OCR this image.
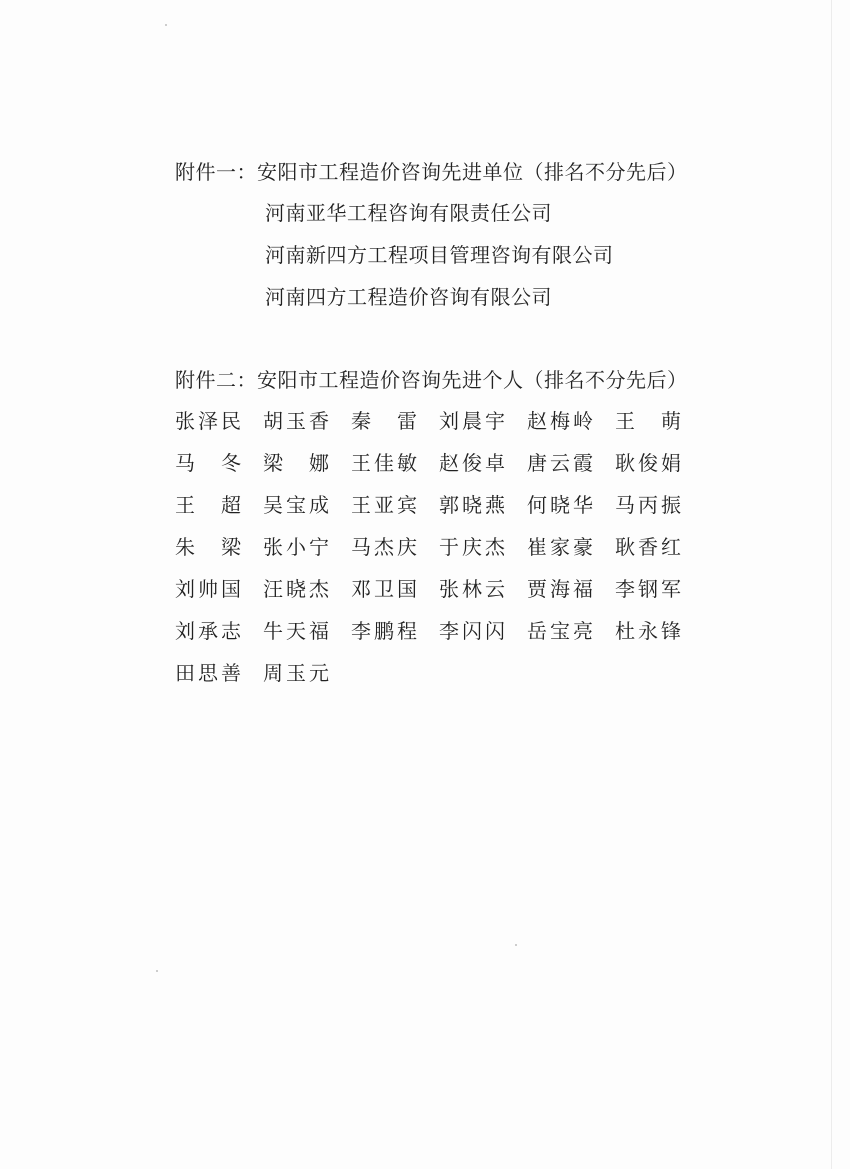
附件一：安阳市工程造价咨询先进单位（排名不分先后）
河南亚华工程咨询有限责任公司
河南新四方工程项目管理咨询有限公司
河南四方工程造价咨询有限公司
附件二：安阳市工程造价咨询先进个人（排名不分先后）
张 泽 民 胡 玉 香 秦 雷 刘 晨 宇 赵 梅 岭 王 萌
马 冬 梁 娜 王 佳 敏 赵 俊 卓 唐 云 霞 耿 俊 娟
王 超 吴 宝 成 王 亚 宾 郭 晓 燕 何 晓 华 马 丙 振
朱 梁 张 小 宁 马 杰 庆 于 庆 杰 崔 家 豪 耿 香 红
刘 帅 国 汪 晓 杰 邓 卫 国 张 林 云 贾 海 福 李 钢 军
刘 承 志 牛 天 福 李 鹏 程 李 闪 闪 岳 宝 亮 杜 永 锋
田 思 善 周 玉 元
